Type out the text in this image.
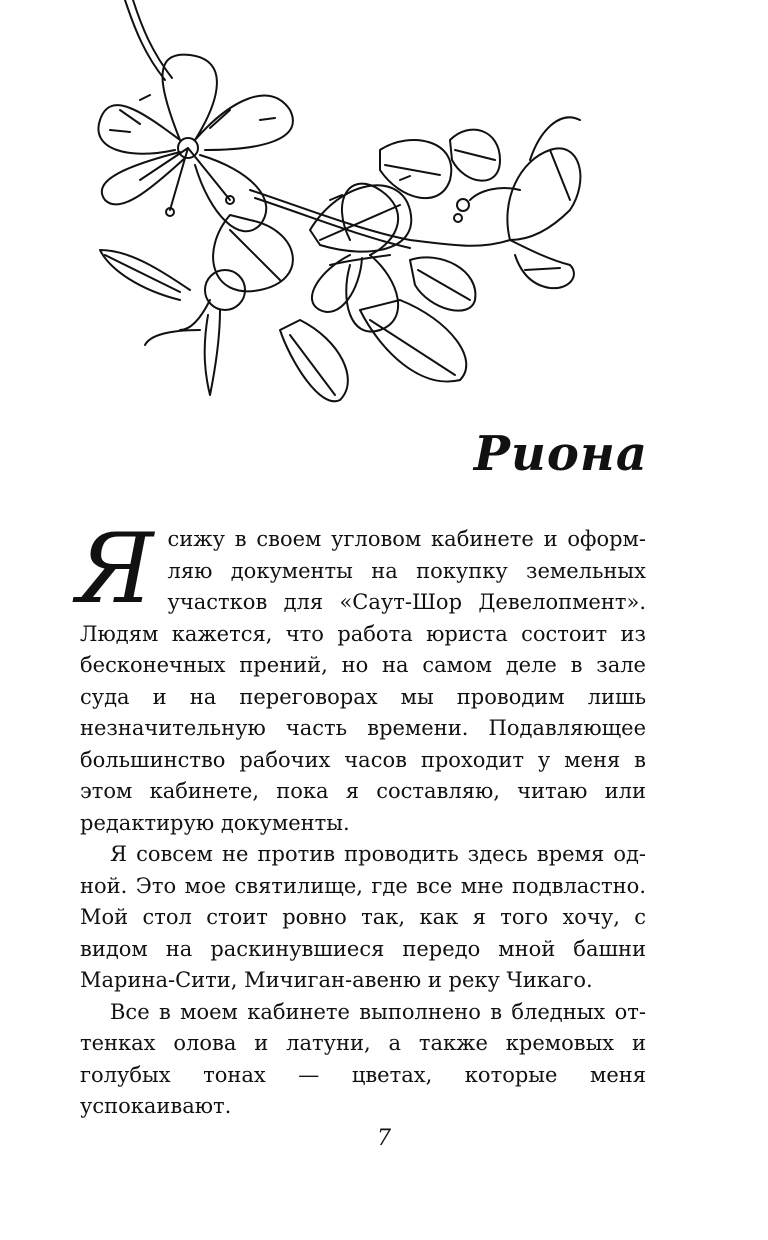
Риона

Я сижу в своем угловом кабинете и оформляю документы на покупку земельных участков для «Саут-Шор Девелопмент». Людям кажется, что работа юриста состоит из бесконечных прений, но на самом деле в зале суда и на переговорах мы проводим лишь незначительную часть времени. Подавляющее большинство рабочих часов проходит у меня в этом кабинете, пока я составляю, читаю или редактирую документы.

Я совсем не против проводить здесь время одной. Это мое святилище, где все мне подвластно. Мой стол стоит ровно так, как я того хочу, с видом на раскинувшиеся передо мной башни Марина-Сити, Мичиган-авеню и реку Чикаго.

Все в моем кабинете выполнено в бледных оттенках олова и латуни, а также кремовых и голубых тонах — цветах, которые меня успокаивают.

7
